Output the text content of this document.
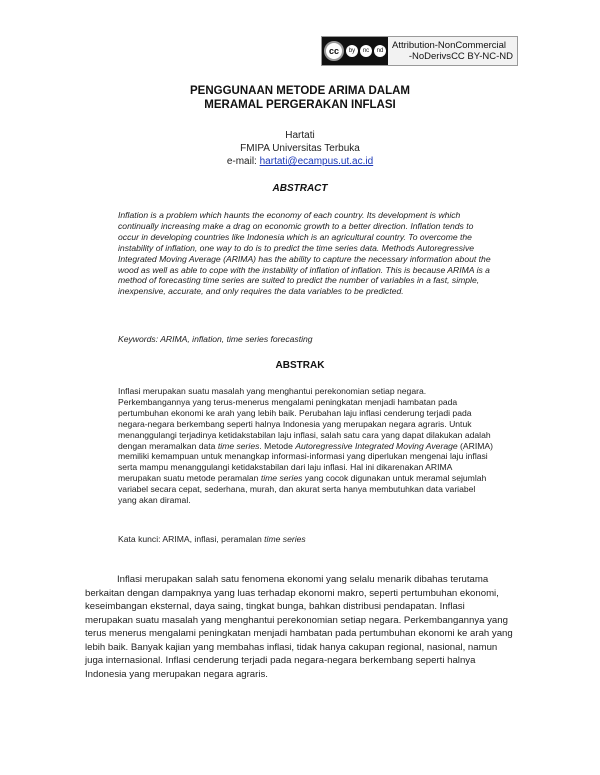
cc	by	nc	nd Attribution-NonCommercial
-NoDerivs CC BY-NC-ND
PENGGUNAAN METODE ARIMA DALAM
MERAMAL PERGERAKAN INFLASI
Hartati
FMIPA Universitas Terbuka
e-mail: hartati@ecampus.ut.ac.id
ABSTRACT
Inflation is a problem which haunts the economy of each country. Its development is which continually increasing make a drag on economic growth to a better direction. Inflation tends to occur in developing countries like Indonesia which is an agricultural country. To overcome the instability of inflation, one way to do is to predict the time series data. Methods Autoregressive Integrated Moving Average (ARIMA) has the ability to capture the necessary information about the wood as well as able to cope with the instability of inflation of inflation. This is because ARIMA is a method of forecasting time series are suited to predict the number of variables in a fast, simple, inexpensive, accurate, and only requires the data variables to be predicted.
Keywords: ARIMA, inflation, time series forecasting
ABSTRAK
Inflasi merupakan suatu masalah yang menghantui perekonomian setiap negara. Perkembangannya yang terus-menerus mengalami peningkatan menjadi hambatan pada pertumbuhan ekonomi ke arah yang lebih baik. Perubahan laju inflasi cenderung terjadi pada negara-negara berkembang seperti halnya Indonesia yang merupakan negara agraris. Untuk menanggulangi terjadinya ketidakstabilan laju inflasi, salah satu cara yang dapat dilakukan adalah dengan meramalkan data time series. Metode Autoregressive Integrated Moving Average (ARIMA) memiliki kemampuan untuk menangkap informasi-informasi yang diperlukan mengenai laju inflasi serta mampu menanggulangi ketidakstabilan dari laju inflasi. Hal ini dikarenakan ARIMA merupakan suatu metode peramalan time series yang cocok digunakan untuk meramal sejumlah variabel secara cepat, sederhana, murah, dan akurat serta hanya membutuhkan data variabel yang akan diramal.
Kata kunci: ARIMA, inflasi, peramalan time series
Inflasi merupakan salah satu fenomena ekonomi yang selalu menarik dibahas terutama berkaitan dengan dampaknya yang luas terhadap ekonomi makro, seperti pertumbuhan ekonomi, keseimbangan eksternal, daya saing, tingkat bunga, bahkan distribusi pendapatan. Inflasi merupakan suatu masalah yang menghantui perekonomian setiap negara. Perkembangannya yang terus menerus mengalami peningkatan menjadi hambatan pada pertumbuhan ekonomi ke arah yang lebih baik. Banyak kajian yang membahas inflasi, tidak hanya cakupan regional, nasional, namun juga internasional. Inflasi cenderung terjadi pada negara-negara berkembang seperti halnya Indonesia yang merupakan negara agraris.
